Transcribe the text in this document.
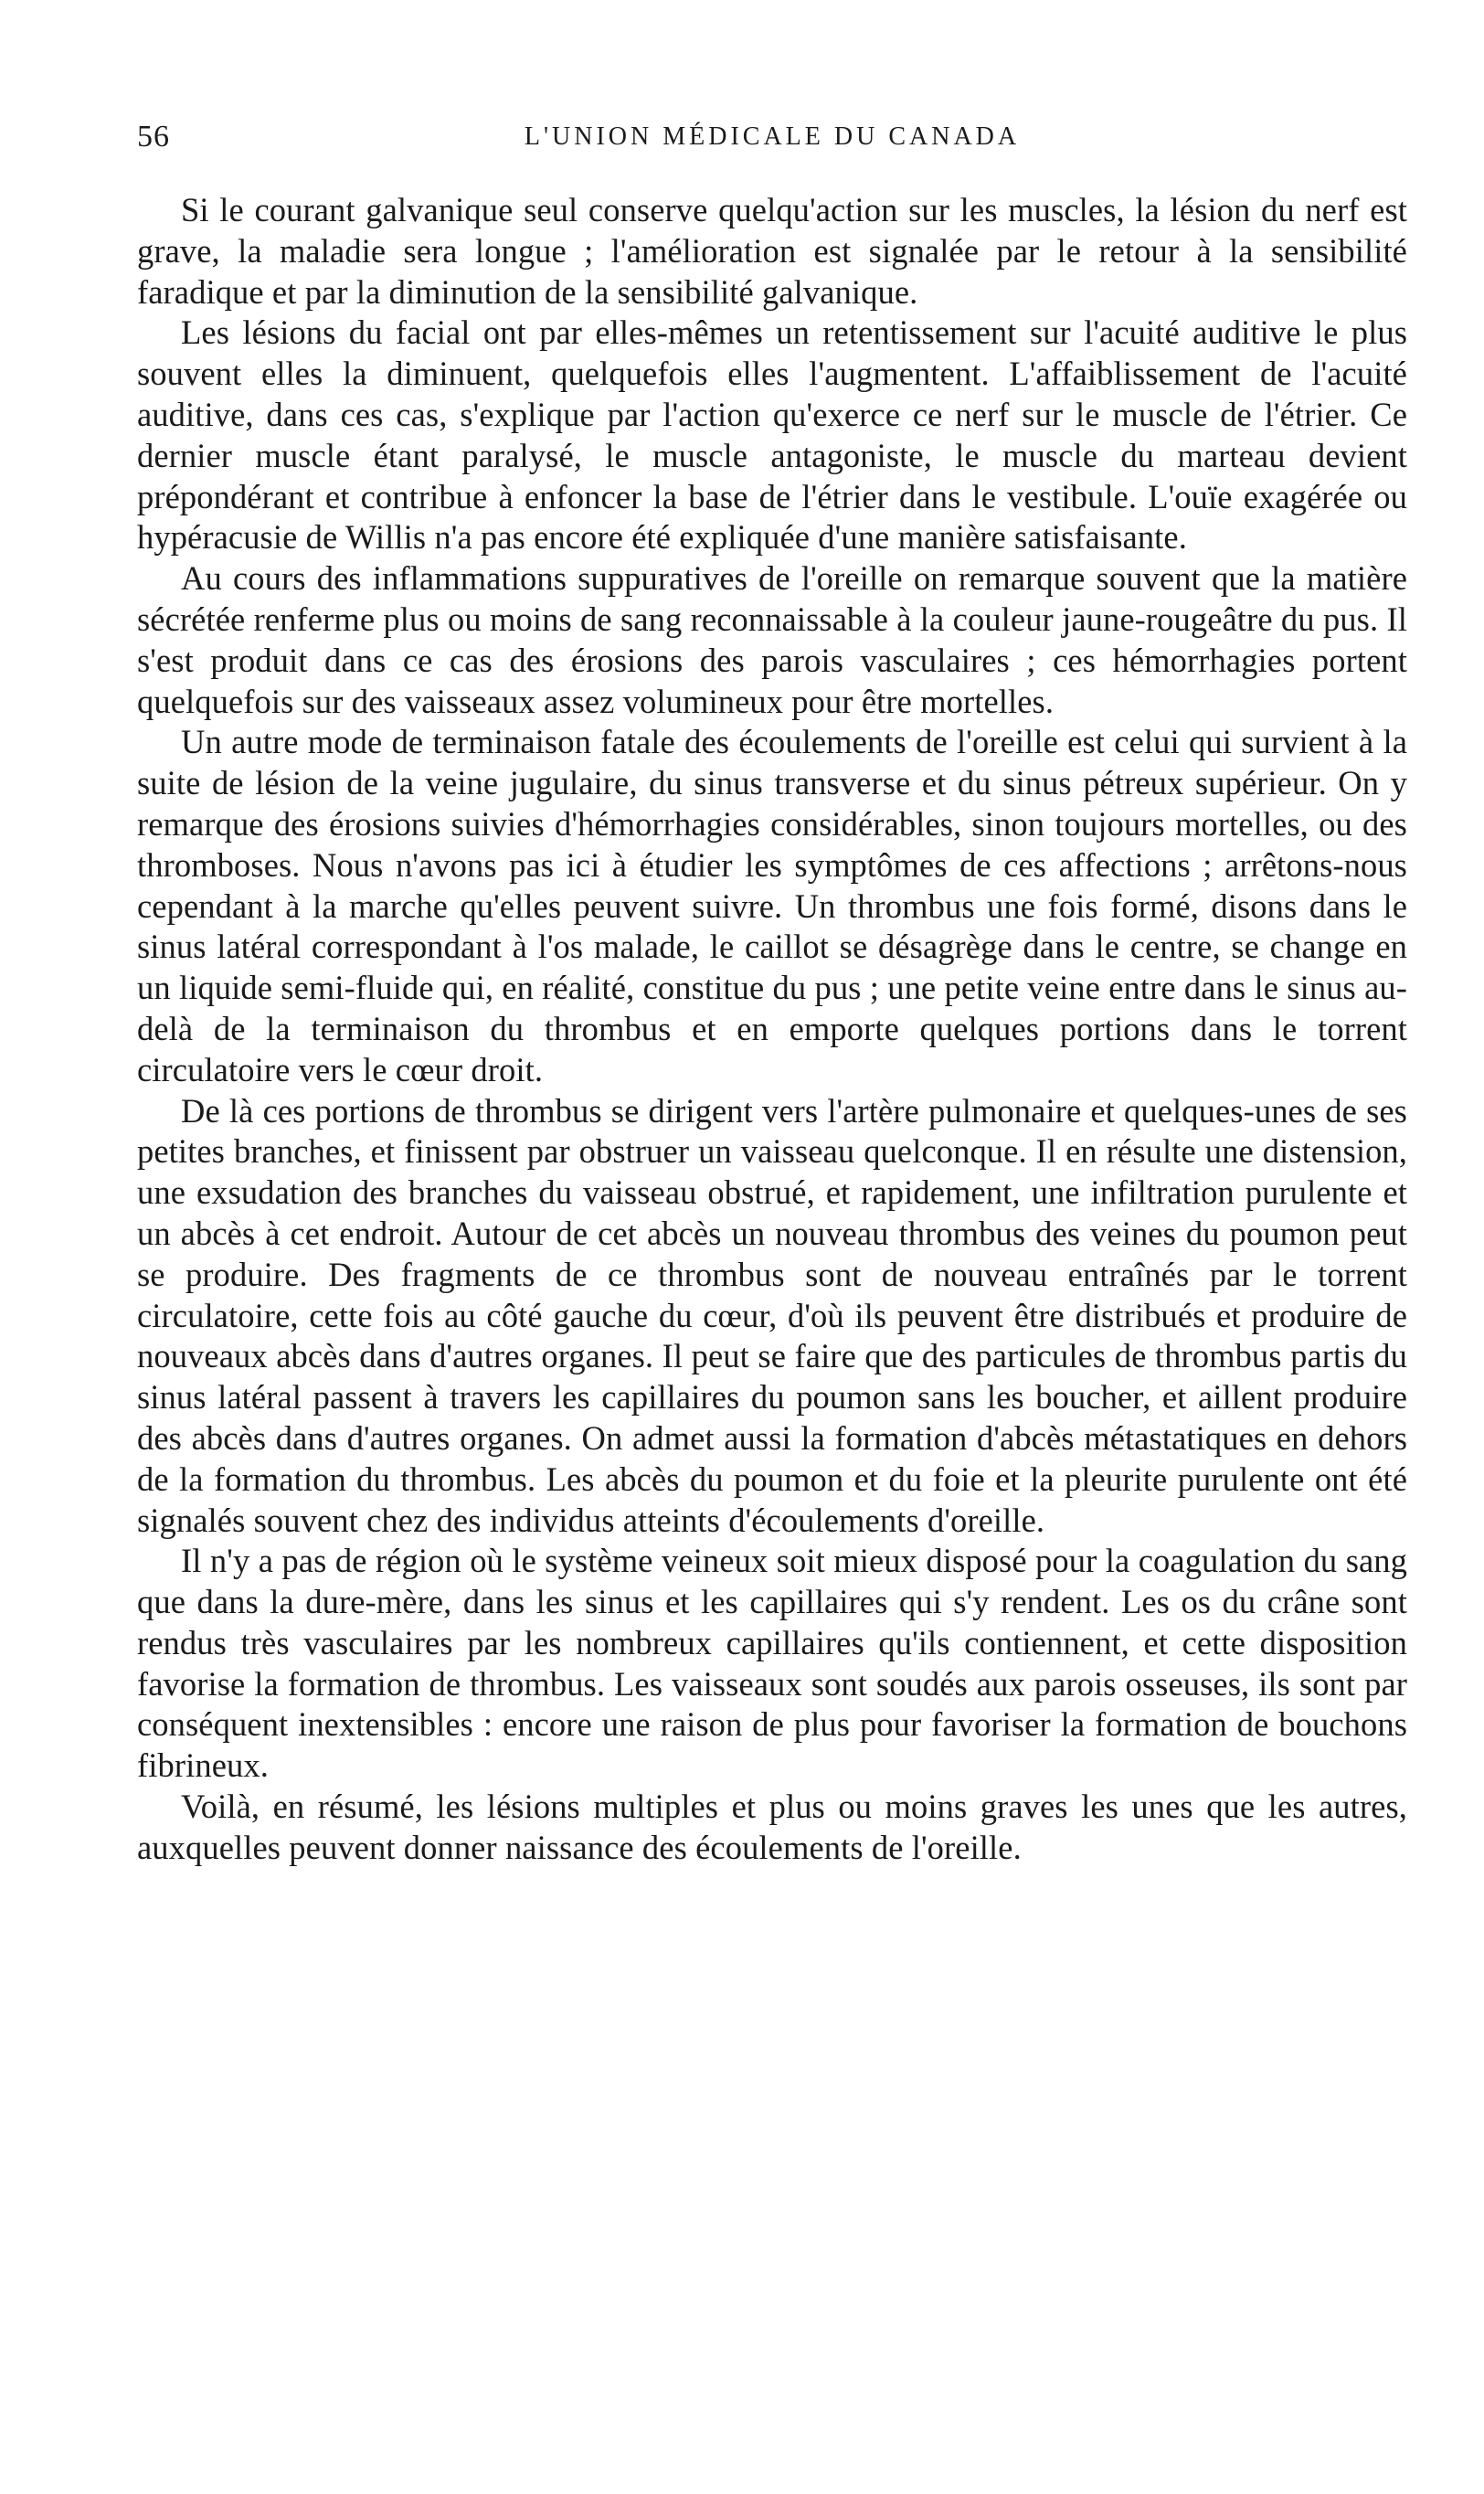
56	L'UNION MÉDICALE DU CANADA

Si le courant galvanique seul conserve quelqu'action sur les muscles, la lésion du nerf est grave, la maladie sera longue ; l'amélioration est signalée par le retour à la sensibilité faradique et par la diminution de la sensibilité galvanique.

Les lésions du facial ont par elles-mêmes un retentissement sur l'acuité auditive le plus souvent elles la diminuent, quelquefois elles l'augmentent. L'affaiblissement de l'acuité auditive, dans ces cas, s'explique par l'action qu'exerce ce nerf sur le muscle de l'étrier. Ce dernier muscle étant paralysé, le muscle antagoniste, le muscle du marteau devient prépondérant et contribue à enfoncer la base de l'étrier dans le vestibule. L'ouïe exagérée ou hypéracusie de Willis n'a pas encore été expliquée d'une manière satisfaisante.

Au cours des inflammations suppuratives de l'oreille on remarque souvent que la matière sécrétée renferme plus ou moins de sang reconnaissable à la couleur jaune-rougeâtre du pus. Il s'est produit dans ce cas des érosions des parois vasculaires ; ces hémorrhagies portent quelquefois sur des vaisseaux assez volumineux pour être mortelles.

Un autre mode de terminaison fatale des écoulements de l'oreille est celui qui survient à la suite de lésion de la veine jugulaire, du sinus transverse et du sinus pétreux supérieur. On y remarque des érosions suivies d'hémorrhagies considérables, sinon toujours mortelles, ou des thromboses. Nous n'avons pas ici à étudier les symptômes de ces affections ; arrêtons-nous cependant à la marche qu'elles peuvent suivre. Un thrombus une fois formé, disons dans le sinus latéral correspondant à l'os malade, le caillot se désagrège dans le centre, se change en un liquide semi-fluide qui, en réalité, constitue du pus ; une petite veine entre dans le sinus au-delà de la terminaison du thrombus et en emporte quelques portions dans le torrent circulatoire vers le cœur droit.

De là ces portions de thrombus se dirigent vers l'artère pulmonaire et quelques-unes de ses petites branches, et finissent par obstruer un vaisseau quelconque. Il en résulte une distension, une exsudation des branches du vaisseau obstrué, et rapidement, une infiltration purulente et un abcès à cet endroit. Autour de cet abcès un nouveau thrombus des veines du poumon peut se produire. Des fragments de ce thrombus sont de nouveau entraînés par le torrent circulatoire, cette fois au côté gauche du cœur, d'où ils peuvent être distribués et produire de nouveaux abcès dans d'autres organes. Il peut se faire que des particules de thrombus partis du sinus latéral passent à travers les capillaires du poumon sans les boucher, et aillent produire des abcès dans d'autres organes. On admet aussi la formation d'abcès métastatiques en dehors de la formation du thrombus. Les abcès du poumon et du foie et la pleurite purulente ont été signalés souvent chez des individus atteints d'écoulements d'oreille.

Il n'y a pas de région où le système veineux soit mieux disposé pour la coagulation du sang que dans la dure-mère, dans les sinus et les capillaires qui s'y rendent. Les os du crâne sont rendus très vasculaires par les nombreux capillaires qu'ils contiennent, et cette disposition favorise la formation de thrombus. Les vaisseaux sont soudés aux parois osseuses, ils sont par conséquent inextensibles : encore une raison de plus pour favoriser la formation de bouchons fibrineux.

Voilà, en résumé, les lésions multiples et plus ou moins graves les unes que les autres, auxquelles peuvent donner naissance des écoulements de l'oreille.
